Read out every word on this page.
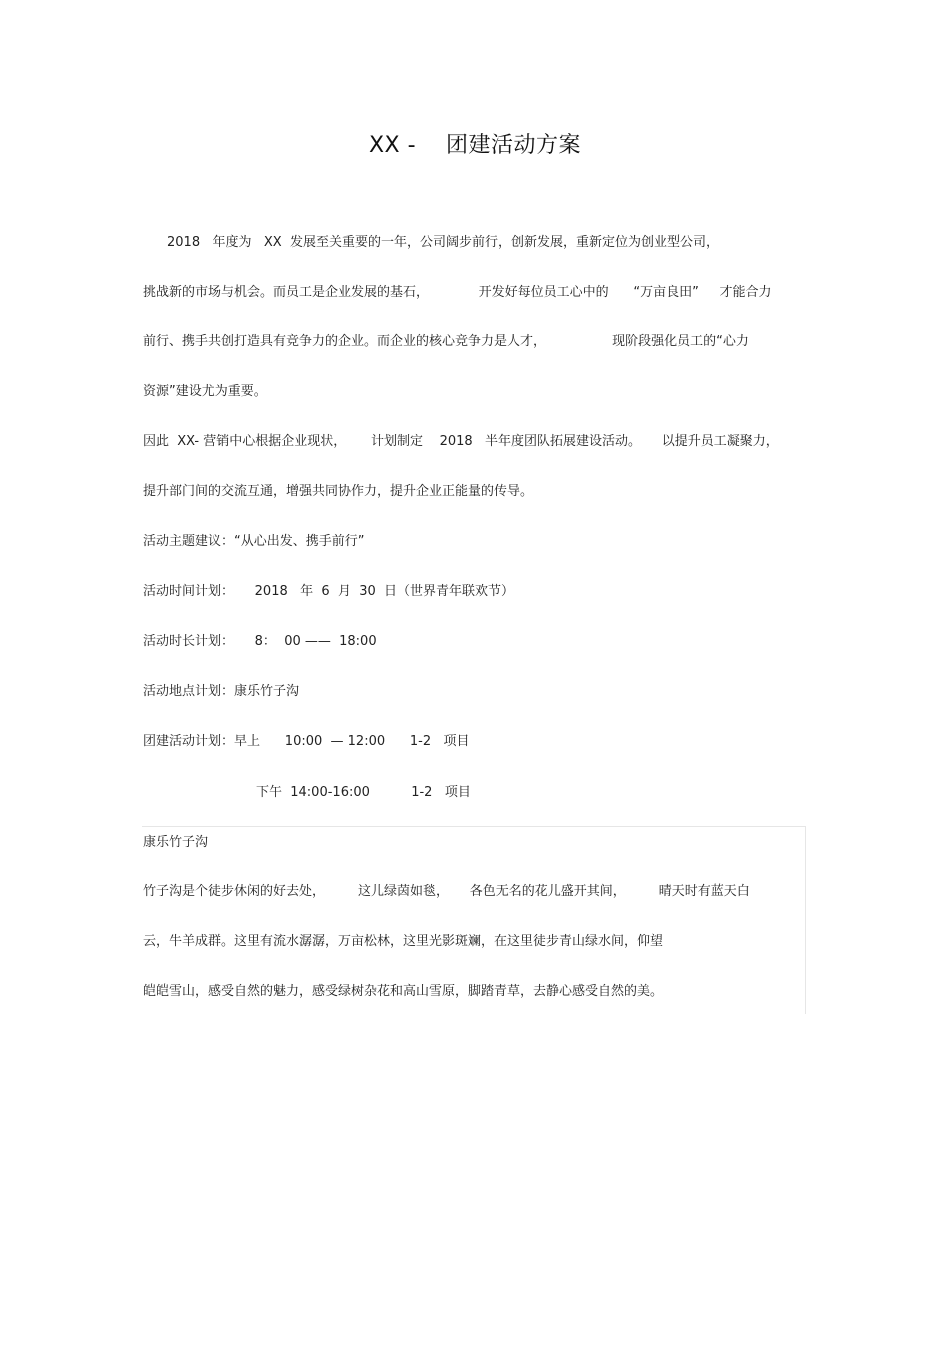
XX -    团建活动方案
2018   年度为   XX  发展至关重要的一年，公司阔步前行，创新发展，重新定位为创业型公司，
挑战新的市场与机会。而员工是企业发展的基石，            开发好每位员工心中的      “万亩良田”     才能合力
前行、携手共创打造具有竞争力的企业。而企业的核心竞争力是人才，                现阶段强化员工的“心力
资源”建设尤为重要。
因此  XX- 营销中心根据企业现状，      计划制定    2018   半年度团队拓展建设活动。     以提升员工凝聚力，
提升部门间的交流互通，增强共同协作力，提升企业正能量的传导。
活动主题建议：“从心出发、携手前行”
活动时间计划：     2018   年  6  月  30  日（世界青年联欢节）
活动时长计划：     8：  00 ——  18:00
活动地点计划：康乐竹子沟
团建活动计划：早上      10:00  — 12:00      1-2   项目
下午  14:00-16:00          1-2   项目
康乐竹子沟
竹子沟是个徒步休闲的好去处，        这儿绿茵如毯，     各色无名的花儿盛开其间，        晴天时有蓝天白
云，牛羊成群。这里有流水潺潺，万亩松林，这里光影斑斓，在这里徒步青山绿水间，仰望
皑皑雪山，感受自然的魅力，感受绿树杂花和高山雪原，脚踏青草，去静心感受自然的美。
